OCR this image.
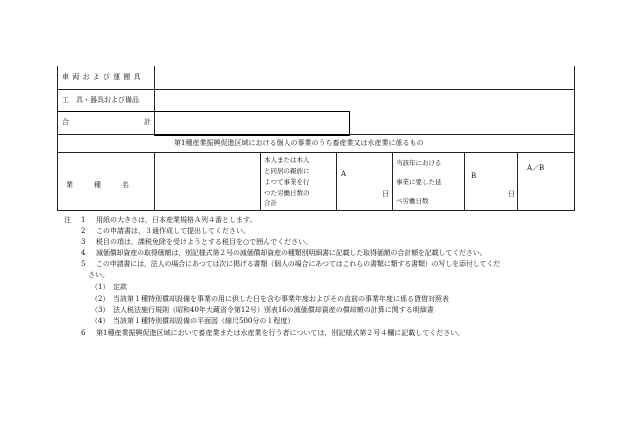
車 両 お よ び 運 搬 具
工　具・器具および備品
合	計
第1種産業振興促進区域における個人の事業のうち畜産業又は水産業に係るもの
業　　　種　　　名
本人または本人
と同居の親族に
よつて事業を行
つた労働日数の
合計
A
日
当該年における
事業に要した延
べ労働日数
B
日
A／B
注 1 用紙の大きさは，日本産業規格Ａ列４番とします。
2 この申請書は，３通作成して提出してください。
3 税目の項は，課税免除を受けようとする税目を○で囲んでください。
4 減価償却資産の取得価額は，別記様式第２号の減価償却資産の種類別明細書に記載した取得価額の合計額を記載してください。
5 この申請書には，法人の場合にあつては次に掲げる書類（個人の場合にあつてはこれらの書類に類する書類）の写しを添付してくだ
さい。
（1） 定款
（2） 当該第１種特別償却設備を事業の用に供した日を含む事業年度およびその直前の事業年度に係る貸借対照表
（3） 法人税法施行規則（昭和40年大蔵省令第12号）別表16の減価償却資産の償却額の計算に関する明細書
（4） 当該第１種特別償却設備の平面図（縮尺500分の１程度）
6 第1種産業振興促進区域において畜産業または水産業を行う者については，別記様式第２号４欄に記載してください。
